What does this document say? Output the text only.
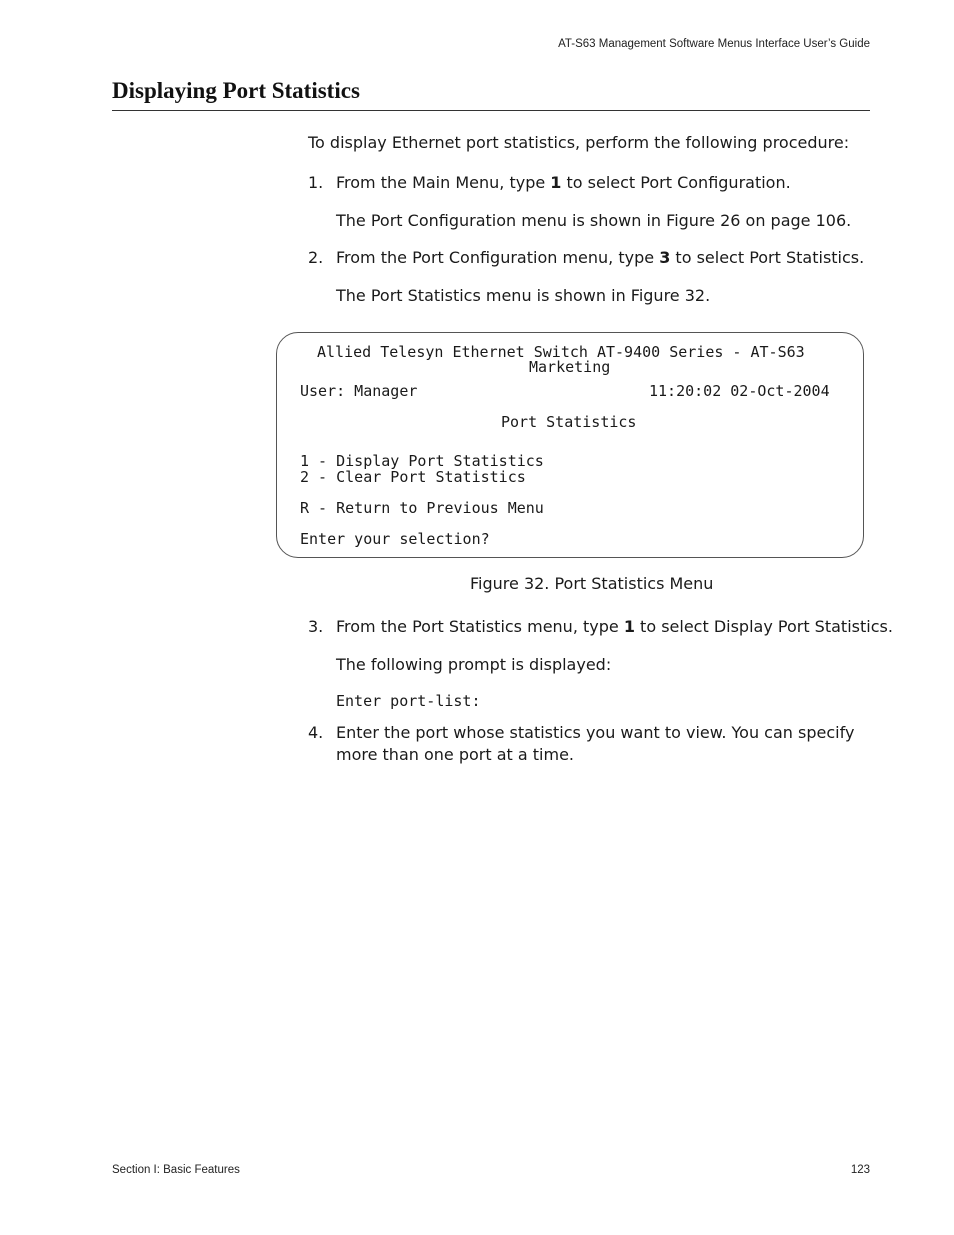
AT-S63 Management Software Menus Interface User’s Guide
Displaying Port Statistics
To display Ethernet port statistics, perform the following procedure:
1. From the Main Menu, type 1 to select Port Configuration.
The Port Configuration menu is shown in Figure 26 on page 106.
2. From the Port Configuration menu, type 3 to select Port Statistics.
The Port Statistics menu is shown in Figure 32.
Allied Telesyn Ethernet Switch AT-9400 Series - AT-S63
Marketing
User: Manager	11:20:02 02-Oct-2004
Port Statistics
1 - Display Port Statistics
2 - Clear Port Statistics
R - Return to Previous Menu
Enter your selection?
Figure 32. Port Statistics Menu
3. From the Port Statistics menu, type 1 to select Display Port Statistics.
The following prompt is displayed:
Enter port-list:
4. Enter the port whose statistics you want to view. You can specify
more than one port at a time.
Section I: Basic Features	123
